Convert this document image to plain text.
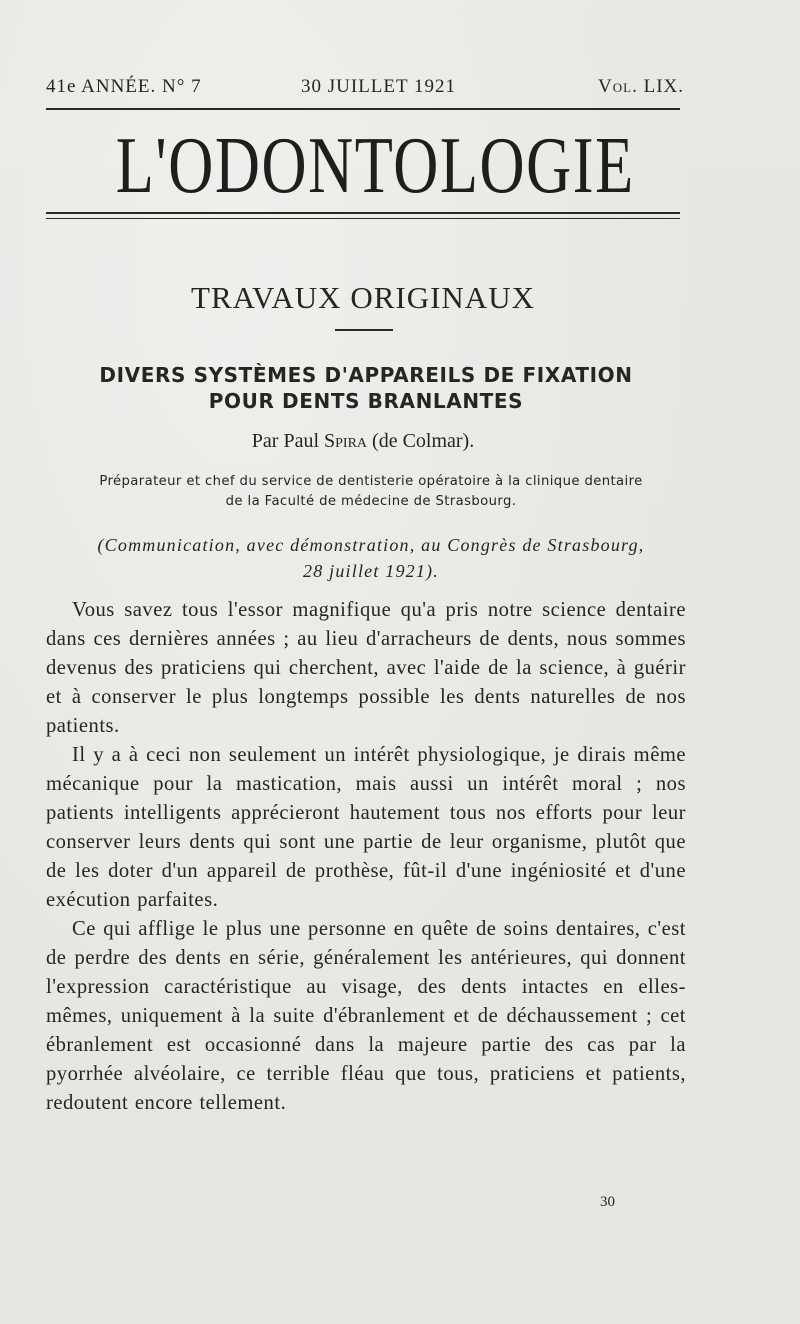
41e ANNÉE. N° 7	30 JUILLET 1921	Vol. LIX.
L'ODONTOLOGIE
TRAVAUX ORIGINAUX
DIVERS SYSTÈMES D'APPAREILS DE FIXATION
POUR DENTS BRANLANTES
Par Paul Spira (de Colmar).
Préparateur et chef du service de dentisterie opératoire à la clinique dentaire
de la Faculté de médecine de Strasbourg.
(Communication, avec démonstration, au Congrès de Strasbourg,
28 juillet 1921).

Vous savez tous l'essor magnifique qu'a pris notre science dentaire dans ces dernières années ; au lieu d'arracheurs de dents, nous sommes devenus des praticiens qui cherchent, avec l'aide de la science, à guérir et à conserver le plus longtemps possible les dents naturelles de nos patients.

Il y a à ceci non seulement un intérêt physiologique, je dirais même mécanique pour la mastication, mais aussi un intérêt moral ; nos patients intelligents apprécieront hautement tous nos efforts pour leur conserver leurs dents qui sont une partie de leur organisme, plutôt que de les doter d'un appareil de prothèse, fût-il d'une ingéniosité et d'une exécution parfaites.

Ce qui afflige le plus une personne en quête de soins dentaires, c'est de perdre des dents en série, généralement les antérieures, qui donnent l'expression caractéristique au visage, des dents intactes en elles-mêmes, uniquement à la suite d'ébranlement et de déchaussement ; cet ébranlement est occasionné dans la majeure partie des cas par la pyorrhée alvéolaire, ce terrible fléau que tous, praticiens et patients, redoutent encore tellement.

30
